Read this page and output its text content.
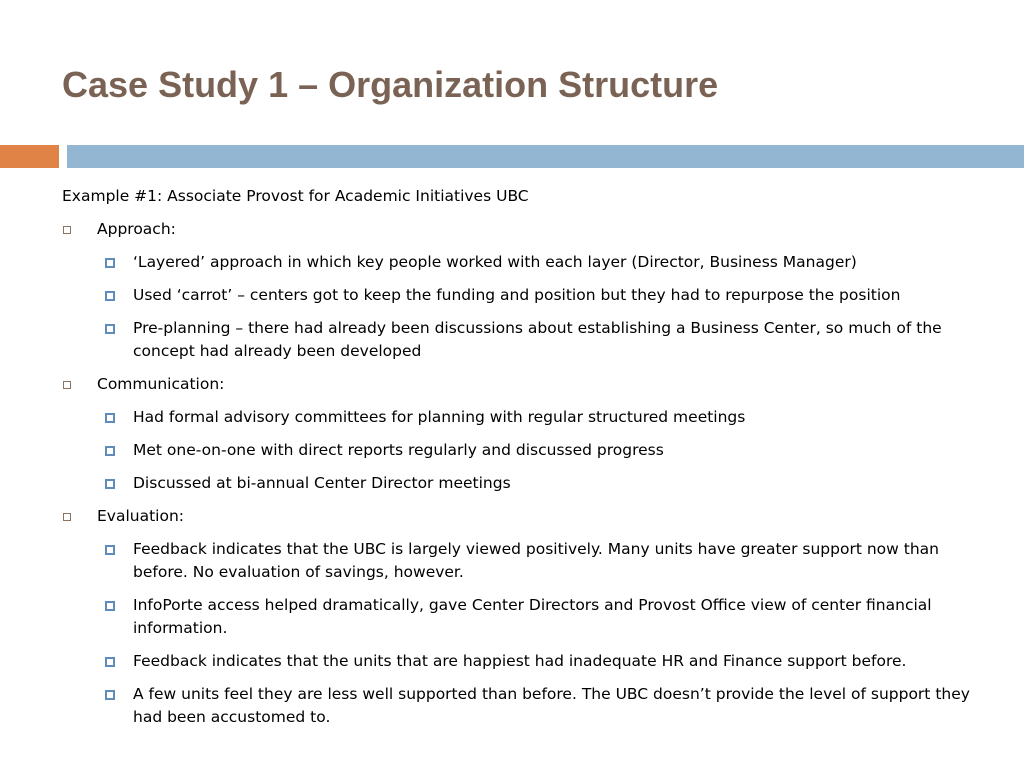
Case Study 1 – Organization Structure

Example #1: Associate Provost for Academic Initiatives UBC

Approach:
‘Layered’ approach in which key people worked with each layer (Director, Business Manager)
Used ‘carrot’ – centers got to keep the funding and position but they had to repurpose the position
Pre-planning – there had already been discussions about establishing a Business Center, so much of the concept had already been developed
Communication:
Had formal advisory committees for planning with regular structured meetings
Met one-on-one with direct reports regularly and discussed progress
Discussed at bi-annual Center Director meetings
Evaluation:
Feedback indicates that the UBC is largely viewed positively. Many units have greater support now than before. No evaluation of savings, however.
InfoPorte access helped dramatically, gave Center Directors and Provost Office view of center financial information.
Feedback indicates that the units that are happiest had inadequate HR and Finance support before.
A few units feel they are less well supported than before. The UBC doesn’t provide the level of support they had been accustomed to.
